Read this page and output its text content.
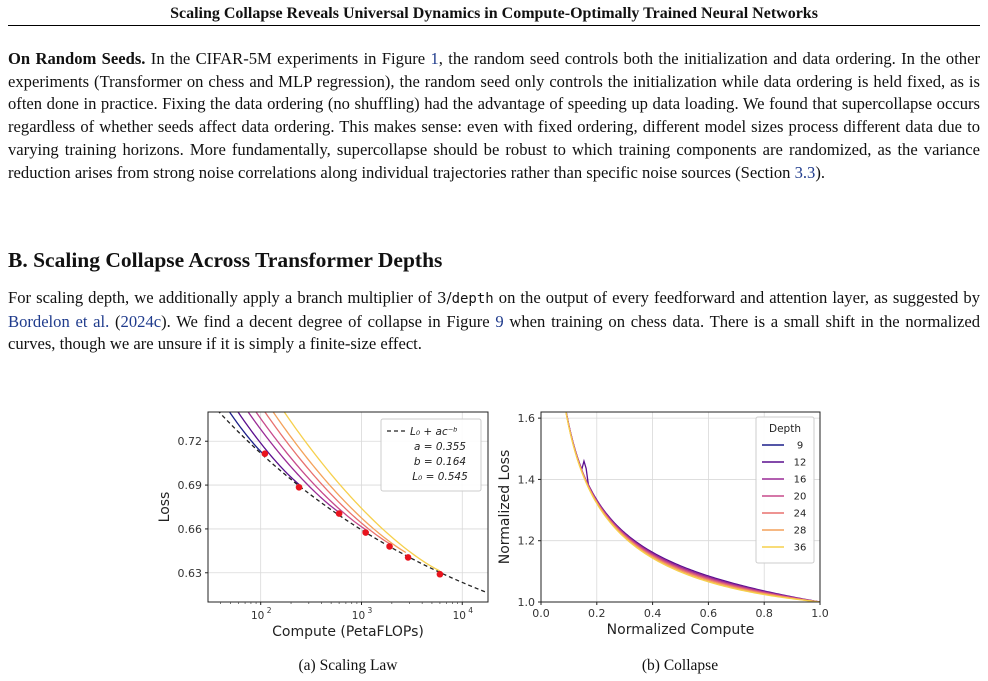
Scaling Collapse Reveals Universal Dynamics in Compute-Optimally Trained Neural Networks

On Random Seeds. In the CIFAR-5M experiments in Figure 1, the random seed controls both the initialization and data ordering. In the other experiments (Transformer on chess and MLP regression), the random seed only controls the initialization while data ordering is held fixed, as is often done in practice. Fixing the data ordering (no shuffling) had the advantage of speeding up data loading. We found that supercollapse occurs regardless of whether seeds affect data ordering. This makes sense: even with fixed ordering, different model sizes process different data due to varying training horizons. More fundamentally, supercollapse should be robust to which training components are randomized, as the variance reduction arises from strong noise correlations along individual trajectories rather than specific noise sources (Section 3.3).

B. Scaling Collapse Across Transformer Depths

For scaling depth, we additionally apply a branch multiplier of 3/depth on the output of every feedforward and attention layer, as suggested by Bordelon et al. (2024c). We find a decent degree of collapse in Figure 9 when training on chess data. There is a small shift in the normalized curves, though we are unsure if it is simply a finite-size effect.

0.63
0.66
0.69
0.72
10 2	10 3	10 4
Compute (PetaFLOPs)
Loss
L₀ + ac⁻ᵇ
a = 0.355
b = 0.164
L₀ = 0.545
1.0
1.2
1.4
1.6
0.0	0.2	0.4	0.6	0.8	1.0
Normalized Compute
Normalized Loss
Depth
9
12
16
20
24
28
36
(a) Scaling Law	(b) Collapse
